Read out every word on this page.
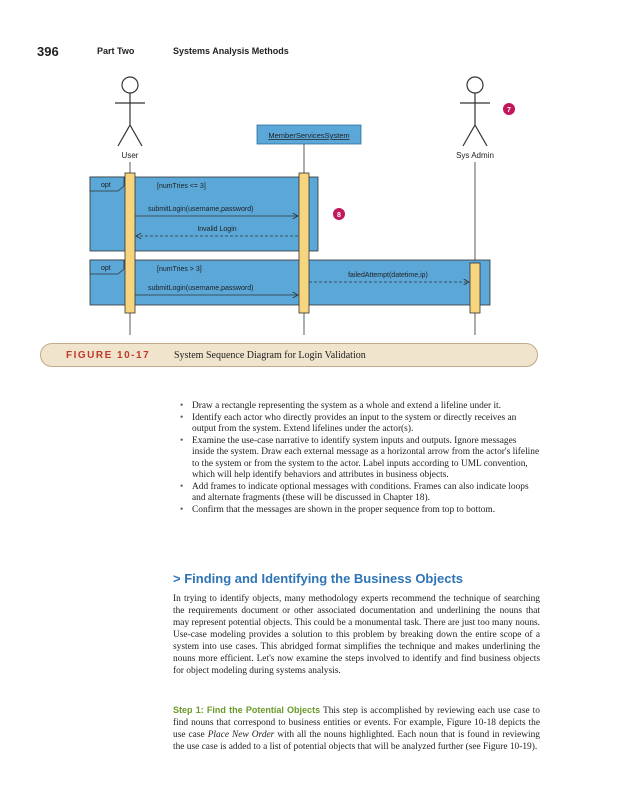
396	Part Two	Systems Analysis Methods
User	Sys Admin
7
MemberServicesSystem
opt	[numTries <= 3]
opt	[numTries > 3]
submitLogin(username,password)
Invalid Login
8
submitLogin(username,password)
failedAttempt(datetime,ip)
FIGURE 10-17 System Sequence Diagram for Login Validation
• Draw a rectangle representing the system as a whole and extend a lifeline under it.
• Identify each actor who directly provides an input to the system or directly receives an output from the system. Extend lifelines under the actor(s).
• Examine the use-case narrative to identify system inputs and outputs. Ignore messages inside the system. Draw each external message as a horizontal arrow from the actor's lifeline to the system or from the system to the actor. Label inputs according to UML convention, which will help identify behaviors and attributes in business objects.
• Add frames to indicate optional messages with conditions. Frames can also indicate loops and alternate fragments (these will be discussed in Chapter 18).
• Confirm that the messages are shown in the proper sequence from top to bottom.
> Finding and Identifying the Business Objects

In trying to identify objects, many methodology experts recommend the technique of searching the requirements document or other associated documentation and underlining the nouns that may represent potential objects. This could be a monumental task. There are just too many nouns. Use-case modeling provides a solution to this problem by breaking down the entire scope of a system into use cases. This abridged format simplifies the technique and makes underlining the nouns more efficient. Let's now examine the steps involved to identify and find business objects for object modeling during systems analysis.

Step 1: Find the Potential Objects This step is accomplished by reviewing each use case to find nouns that correspond to business entities or events. For example, Figure 10-18 depicts the use case Place New Order with all the nouns highlighted. Each noun that is found in reviewing the use case is added to a list of potential objects that will be analyzed further (see Figure 10-19).
